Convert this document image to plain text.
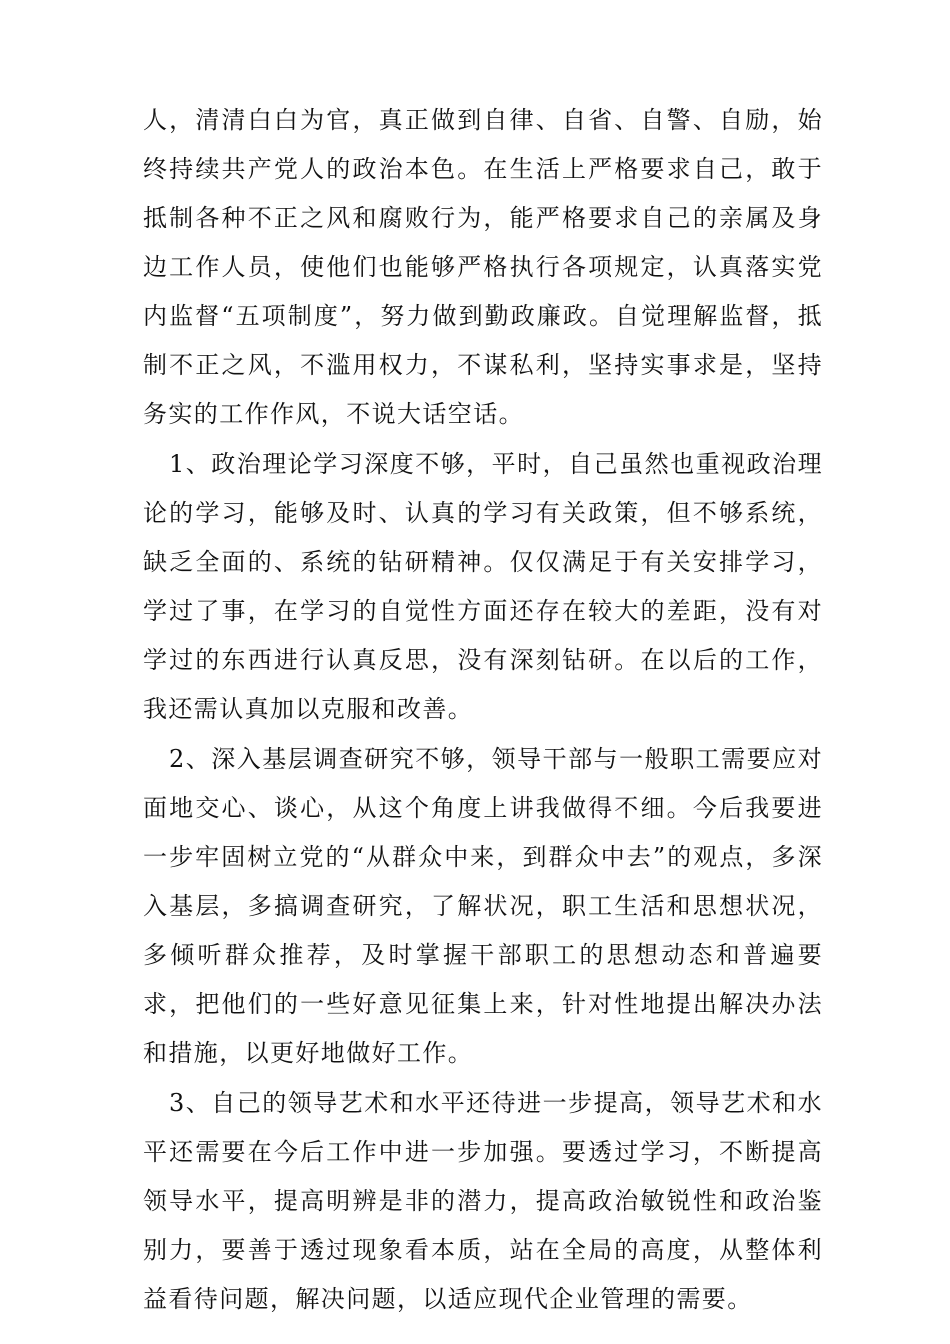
人，清清白白为官，真正做到自律、自省、自警、自励，始终持续共产党人的政治本色。在生活上严格要求自己，敢于抵制各种不正之风和腐败行为，能严格要求自己的亲属及身边工作人员，使他们也能够严格执行各项规定，认真落实党内监督“五项制度”，努力做到勤政廉政。自觉理解监督，抵制不正之风，不滥用权力，不谋私利，坚持实事求是，坚持务实的工作作风，不说大话空话。

1、政治理论学习深度不够，平时，自己虽然也重视政治理论的学习，能够及时、认真的学习有关政策，但不够系统，缺乏全面的、系统的钻研精神。仅仅满足于有关安排学习，学过了事，在学习的自觉性方面还存在较大的差距，没有对学过的东西进行认真反思，没有深刻钻研。在以后的工作，我还需认真加以克服和改善。

2、深入基层调查研究不够，领导干部与一般职工需要应对面地交心、谈心，从这个角度上讲我做得不细。今后我要进一步牢固树立党的“从群众中来，到群众中去”的观点，多深入基层，多搞调查研究，了解状况，职工生活和思想状况，多倾听群众推荐，及时掌握干部职工的思想动态和普遍要求，把他们的一些好意见征集上来，针对性地提出解决办法和措施，以更好地做好工作。

3、自己的领导艺术和水平还待进一步提高，领导艺术和水平还需要在今后工作中进一步加强。要透过学习，不断提高领导水平，提高明辨是非的潜力，提高政治敏锐性和政治鉴别力，要善于透过现象看本质，站在全局的高度，从整体利益看待问题，解决问题，以适应现代企业管理的需要。
